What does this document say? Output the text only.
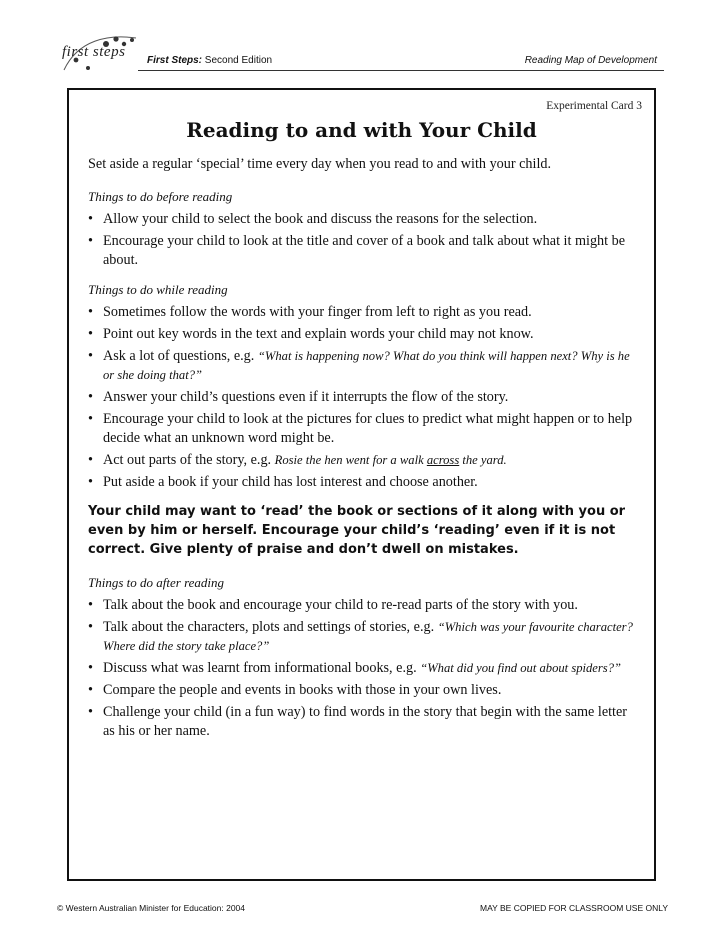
first steps
First Steps: Second Edition	Reading Map of Development
Experimental Card 3
Reading to and with Your Child

Set aside a regular ‘special’ time every day when you read to and with your child.

Things to do before reading

• Allow your child to select the book and discuss the reasons for the selection.
• Encourage your child to look at the title and cover of a book and talk about what it might be about.

Things to do while reading

• Sometimes follow the words with your finger from left to right as you read.
• Point out key words in the text and explain words your child may not know.
• Ask a lot of questions, e.g. “What is happening now? What do you think will happen next? Why is he or she doing that?”
• Answer your child’s questions even if it interrupts the flow of the story.
• Encourage your child to look at the pictures for clues to predict what might happen or to help decide what an unknown word might be.
• Act out parts of the story, e.g. Rosie the hen went for a walk across the yard.
• Put aside a book if your child has lost interest and choose another.

Your child may want to ‘read’ the book or sections of it along with you or even by him or herself. Encourage your child’s ‘reading’ even if it is not correct. Give plenty of praise and don’t dwell on mistakes.

Things to do after reading

• Talk about the book and encourage your child to re-read parts of the story with you.
• Talk about the characters, plots and settings of stories, e.g. “Which was your favourite character? Where did the story take place?”
• Discuss what was learnt from informational books, e.g. “What did you find out about spiders?”
• Compare the people and events in books with those in your own lives.
• Challenge your child (in a fun way) to find words in the story that begin with the same letter as his or her name.
© Western Australian Minister for Education: 2004	MAY BE COPIED FOR CLASSROOM USE ONLY
